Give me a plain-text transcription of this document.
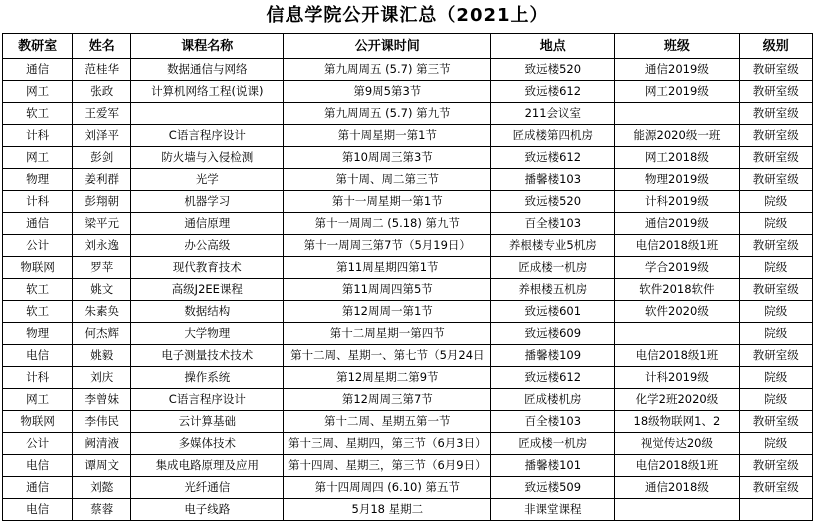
信息学院公开课汇总（2021上）
教研室	姓名	课程名称	公开课时间	地点	班级	级别
通信	范桂华	数据通信与网络	第九周周五 (5.7) 第三节	致远楼520	通信2019级	教研室级
网工	张政	计算机网络工程(说课)	第9周5第3节	致远楼612	网工2019级	教研室级
软工	王爱军		第九周周五 (5.7) 第九节	211会议室		教研室级
计科	刘泽平	C语言程序设计	第十周星期一第1节	匠成楼第四机房	能源2020级一班	教研室级
网工	彭剑	防火墙与入侵检测	第10周周三第3节	致远楼612	网工2018级	教研室级
物理	姜利群	光学	第十周、周二第三节	播馨楼103	物理2019级	教研室级
计科	彭翔朝	机器学习	第十一周星期一第1节	致远楼520	计科2019级	院级
通信	梁平元	通信原理	第十一周周二 (5.18) 第九节	百全楼103	通信2019级	院级
公计	刘永逸	办公高级	第十一周周三第7节（5月19日）	养根楼专业5机房	电信2018级1班	教研室级
物联网	罗苹	现代教育技术	第11周星期四第1节	匠成楼一机房	学合2019级	院级
软工	姚文	高级J2EE课程	第11周周四第5节	养根楼五机房	软件2018软件	教研室级
软工	朱素奂	数据结构	第12周周一第1节	致远楼601	软件2020级	院级
物理	何杰辉	大学物理	第十二周星期一第四节	致远楼609		院级
电信	姚毅	电子测量技术技术	第十二周、星期一、第七节（5月24日	播馨楼109	电信2018级1班	教研室级
计科	刘庆	操作系统	第12周星期二第9节	致远楼612	计科2019级	院级
网工	李曾妹	C语言程序设计	第12周周三第7节	匠成楼机房	化学2班2020级	院级
物联网	李伟民	云计算基础	第十二周、星期五第一节	百全楼103	18级物联网1、2	教研室级
公计	阙清液	多媒体技术	第十三周、星期四，第三节（6月3日）	匠成楼一机房	视觉传达20级	院级
电信	谭周文	集成电路原理及应用	第十四周、星期三，第三节（6月9日）	播馨楼101	电信2018级1班	教研室级
通信	刘懿	光纤通信	第十四周周四 (6.10) 第五节	致远楼509	通信2018级	教研室级
电信	蔡蓉	电子线路	5月18 星期二	非课堂课程		
